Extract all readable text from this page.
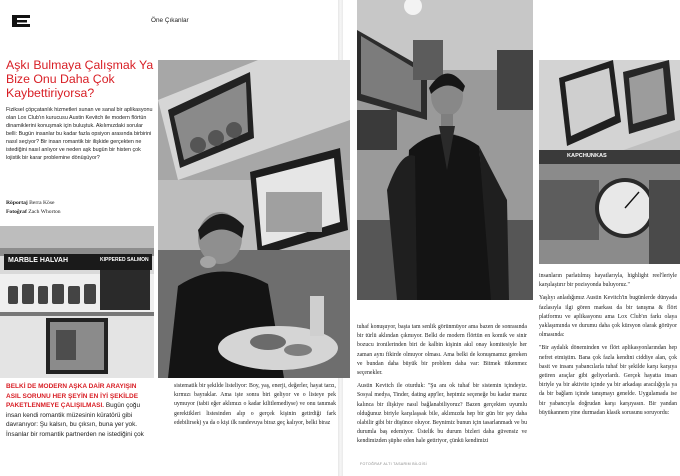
Öne Çıkanlar
Aşkı Bulmaya Çalışmak Ya Bize Onu Daha Çok Kaybettiriyorsa?
Fiziksel çöpçatanlık hizmetleri sunan ve sanal bir aplikasyonu olan Lox Club'ın kurucusu Austin Kevitch ile modern flörtün dinamiklerini konuşmak için buluştuk. Akılımızdaki sorular belli: Bugün insanlar bu kadar fazla opsiyon arasında birbirini nasıl seçiyor? Bir insan romantik bir ilişkide gerçekten ne istediğini nasıl anlıyor ve neden aşk bugün bir histen çok lojistik bir karar problemine dönüşüyor?
Röportaj Berra Köse
Fotoğraf Zach Whorton
MARBLE HALVAH	KIPPERED SALMON
KAPCHUNKAS
BELKİ DE MODERN AŞKA DAİR ARAYIŞIN ASIL SORUNU HER ŞEYİN EN İYİ ŞEKİLDE PAKETLENMEYE ÇALIŞILMASI. Bugün çoğu insan kendi romantik müzesinin küratörü gibi davranıyor: Şu kalsın, bu çıksın, buna yer yok. İnsanlar bir romantik partnerden ne istediğini çok

sistematik bir şekilde listeliyor: Boy, yaş, enerji, değerler, hayat tarzı, kırmızı bayraklar. Ama işte sonra biri geliyor ve o listeye pek uymuyor (tabii eğer aklımızı o kadar kilitlemediyse) ve onu tanımak gerektikleri listesinden alıp o gerçek kişinin getirdiği fark edebilirsek) ya da o kişi ilk randevuya biraz geç kalıyor, belki biraz

tuhaf konuşuyor, başta tam senlik görünmüyor ama bazen de sonrasında bir türlü aklından çıkmıyor. Belki de modern flörtün en komik ve sinir bozucu ironilerinden biri de kalbin kişinin akıl onay komitesiyle her zaman aynı fikirde olmuyor olması. Ama belki de konuşmamız gereken ve bundan daha büyük bir problem daha var: Bitmek tükenmez seçenekler.

Austin Kevitch ile oturduk: "Şu anı ok tuhaf bir sistemin içindeyiz. Sosyal medya, Tinder, dating app'ler, hepimiz seçeneğe bu kadar maruz kalınca bir ilişkiye nasıl bağlanabiliyoruz? Bazen gerçekten uyumlu olduğunuz biriyle karşılaşsak bile, aklımızda hep bir gün bir şey daha olabilir gibi bir düşünce oluyor. Beynimiz bunun için tasarlanmadı ve bu durumla baş edemiyor. Üstelik bu durum bizleri daha güvensiz ve kendimizden şüphe eden hale getiriyor, çünkü kendimizi

insanların parlatılmış hayatlarıyla, highlight reel'leriyle karşılaştırır bir pozisyonda buluyoruz."

Yaşlıyı anladığımız Austin Kevitch'in bugünlerde dünyada fazlasıyla ilgi gören markası da bir tanışma & flört platformu ve aplikasyonu ama Lox Club'ın farkı olaya yaklaşımında ve durumu daha çok kürsyon olarak görüyor olmasında:

"Bir aydalık döneminden ve flört aplikasyonlarından hep nefret etmiştim. Bana çok fazla kendini ciddiye alan, çok basit ve insanı yabancılarla tuhaf bir şekilde karşı karşıya getiren araçlar gibi geliyorlardı. Gerçek hayatta insan biriyle ya bir aktivite içinde ya bir arkadaşı aracılığıyla ya da bir bağlam içinde tanışmayı genelde. Uygulamada ise bir yabancıyla doğrudan karşı karşıyasın. Bir yandan büyükannem yine durmadan klasik sorusunu soruyordu:

FOTOĞRAF ALTI TASARIM BİLGİSİ
